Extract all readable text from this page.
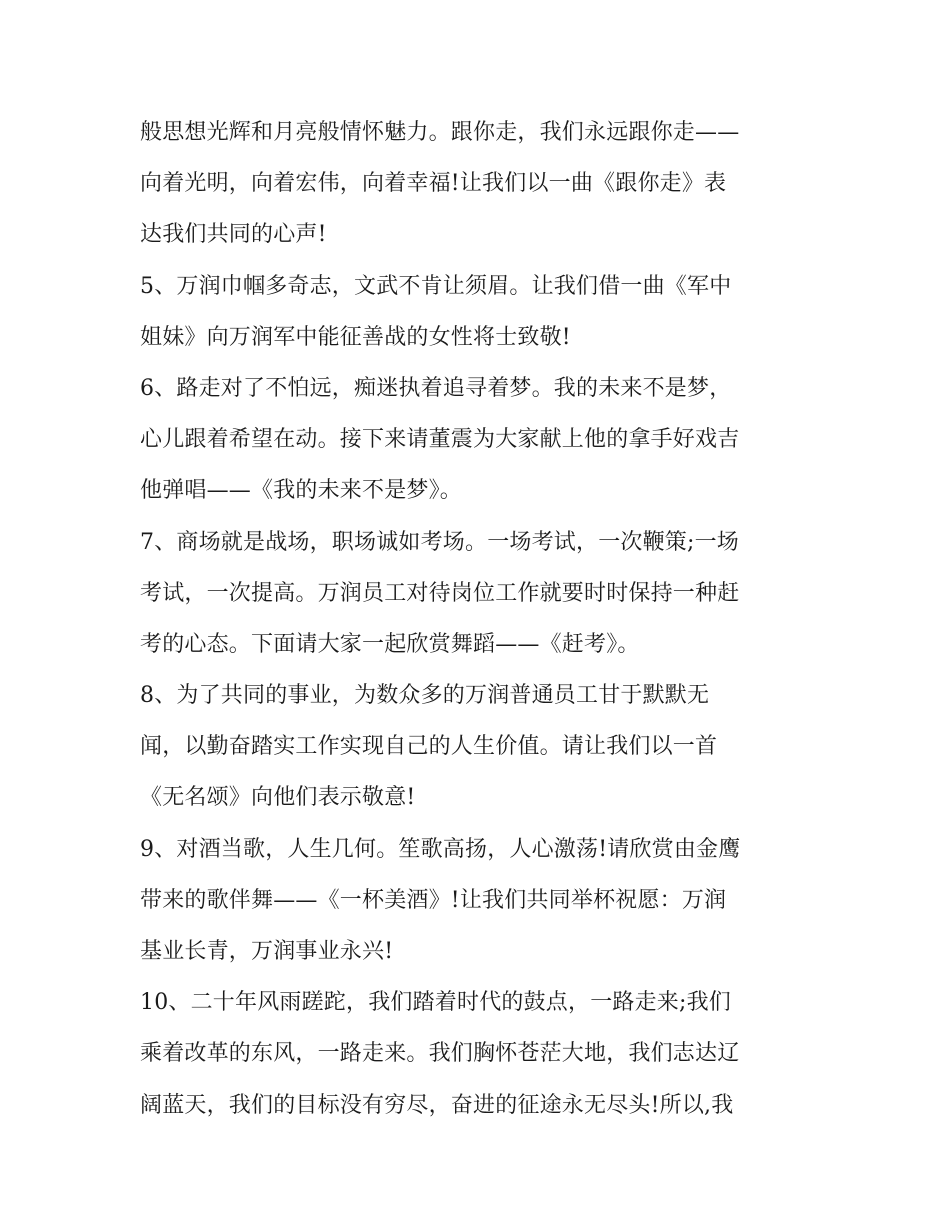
般思想光辉和月亮般情怀魅力。跟你走，我们永远跟你走——
向着光明，向着宏伟，向着幸福!让我们以一曲《跟你走》表
达我们共同的心声!
5、万润巾帼多奇志，文武不肯让须眉。让我们借一曲《军中
姐妹》向万润军中能征善战的女性将士致敬!
6、路走对了不怕远，痴迷执着追寻着梦。我的未来不是梦，
心儿跟着希望在动。接下来请董震为大家献上他的拿手好戏吉
他弹唱——《我的未来不是梦》。
7、商场就是战场，职场诚如考场。一场考试，一次鞭策;一场
考试，一次提高。万润员工对待岗位工作就要时时保持一种赶
考的心态。下面请大家一起欣赏舞蹈——《赶考》。
8、为了共同的事业，为数众多的万润普通员工甘于默默无
闻，以勤奋踏实工作实现自己的人生价值。请让我们以一首
《无名颂》向他们表示敬意!
9、对酒当歌，人生几何。笙歌高扬，人心激荡!请欣赏由金鹰
带来的歌伴舞——《一杯美酒》!让我们共同举杯祝愿：万润
基业长青，万润事业永兴!
10、二十年风雨蹉跎，我们踏着时代的鼓点，一路走来;我们
乘着改革的东风，一路走来。我们胸怀苍茫大地，我们志达辽
阔蓝天，我们的目标没有穷尽，奋进的征途永无尽头!所以,我
